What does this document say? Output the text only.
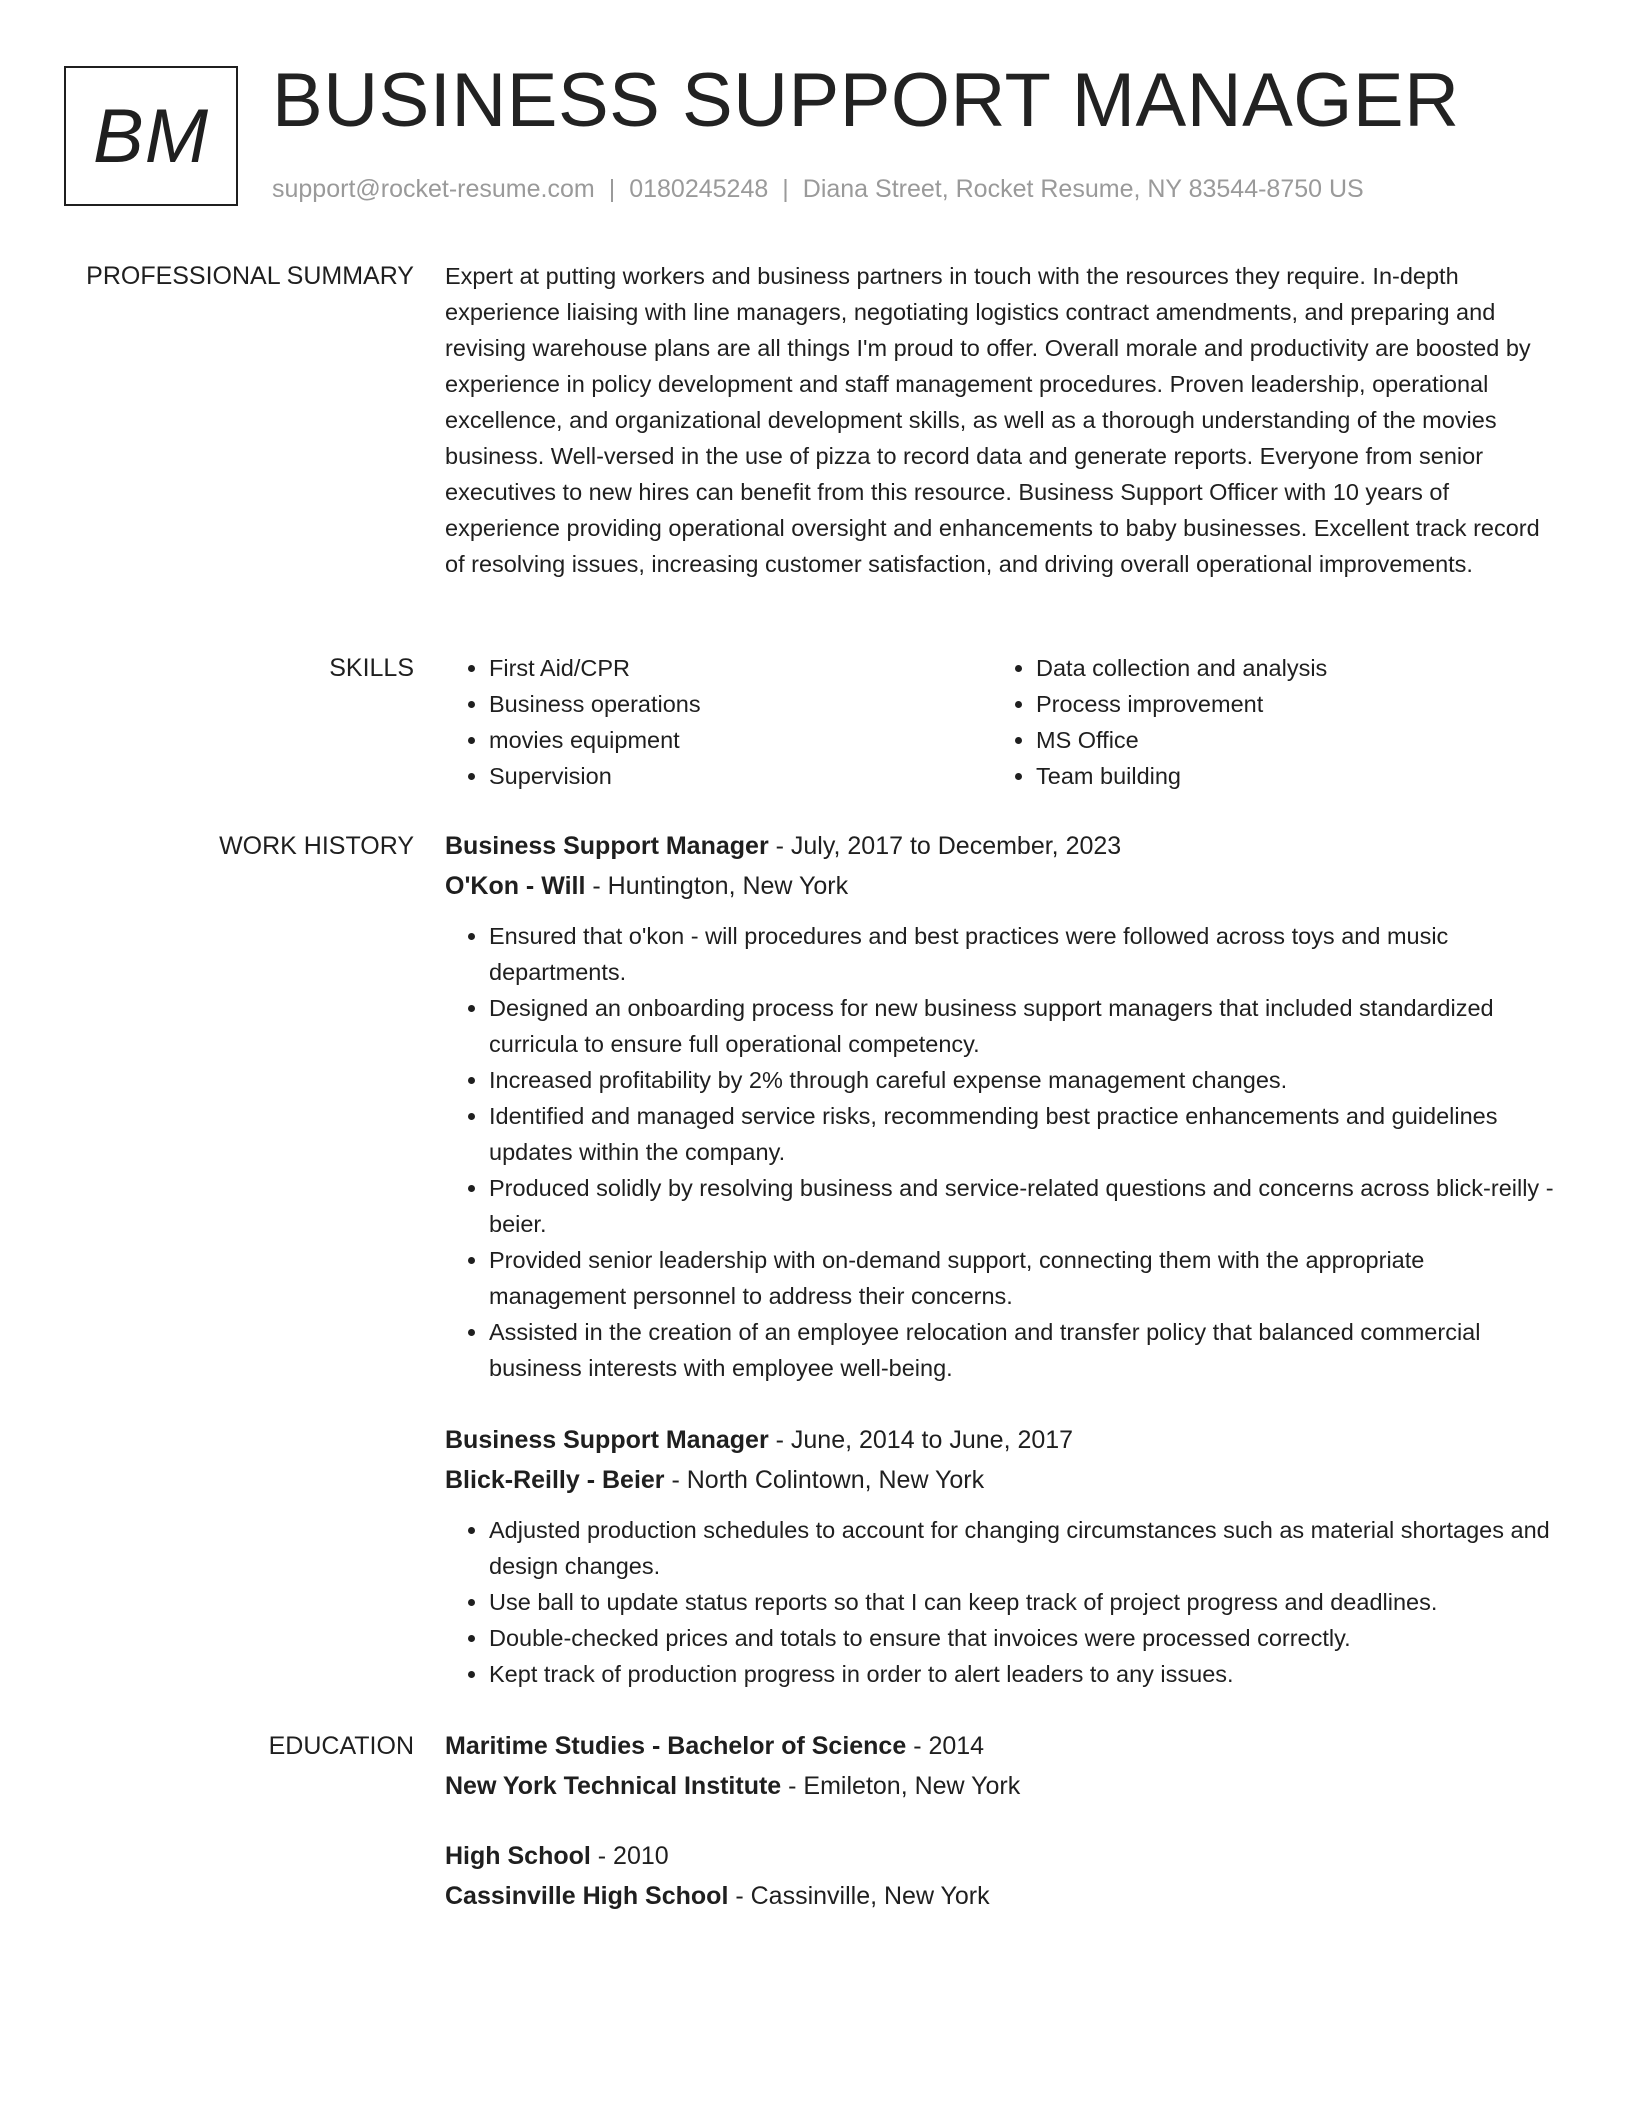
BM BUSINESS SUPPORT MANAGER
support@rocket-resume.com | 0180245248 | Diana Street, Rocket Resume, NY 83544-8750 US
PROFESSIONAL SUMMARY Expert at putting workers and business partners in touch with the resources they require. In-depth experience liaising with line managers, negotiating logistics contract amendments, and preparing and revising warehouse plans are all things I'm proud to offer. Overall morale and productivity are boosted by experience in policy development and staff management procedures. Proven leadership, operational excellence, and organizational development skills, as well as a thorough understanding of the movies business. Well-versed in the use of pizza to record data and generate reports. Everyone from senior executives to new hires can benefit from this resource. Business Support Officer with 10 years of experience providing operational oversight and enhancements to baby businesses. Excellent track record of resolving issues, increasing customer satisfaction, and driving overall operational improvements.

SKILLS
•	First Aid/CPR
• Business operations
• movies equipment
• Supervision
• Data collection and analysis
• Process improvement
• MS Office
• Team building
WORK HISTORY Business Support Manager - July, 2017 to December, 2023
O'Kon - Will - Huntington, New York
• Ensured that o'kon - will procedures and best practices were followed across toys and music departments.
• Designed an onboarding process for new business support managers that included standardized curricula to ensure full operational competency.
• Increased profitability by 2% through careful expense management changes.
• Identified and managed service risks, recommending best practice enhancements and guidelines updates within the company.
• Produced solidly by resolving business and service-related questions and concerns across blick-reilly - beier.
• Provided senior leadership with on-demand support, connecting them with the appropriate management personnel to address their concerns.
• Assisted in the creation of an employee relocation and transfer policy that balanced commercial business interests with employee well-being.
Business Support Manager - June, 2014 to June, 2017
Blick-Reilly - Beier - North Colintown, New York
• Adjusted production schedules to account for changing circumstances such as material shortages and design changes.
• Use ball to update status reports so that I can keep track of project progress and deadlines.
• Double-checked prices and totals to ensure that invoices were processed correctly.
• Kept track of production progress in order to alert leaders to any issues.
EDUCATION Maritime Studies - Bachelor of Science - 2014
New York Technical Institute - Emileton, New York
High School - 2010
Cassinville High School - Cassinville, New York
